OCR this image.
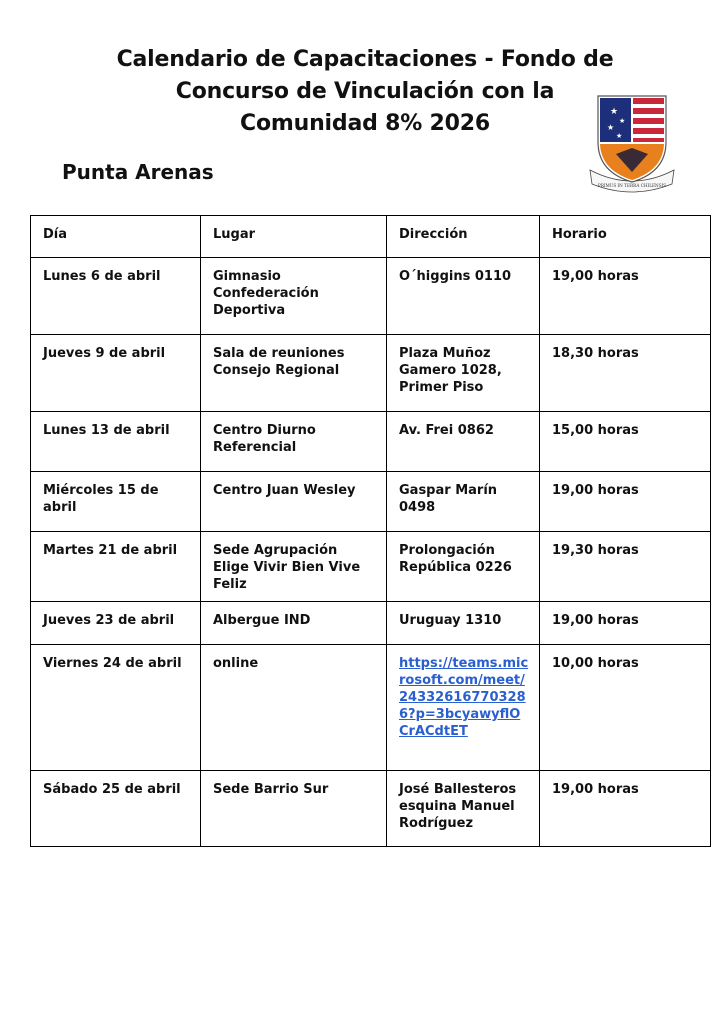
Calendario de Capacitaciones - Fondo de
Concurso de Vinculación con la
Comunidad 8% 2026
Punta Arenas
★
★
★
★
PRIMUS IN TERRA CHILENSIS
Día	Lugar	Dirección	Horario
Lunes 6 de abril	Gimnasio Confederación Deportiva	O´higgins 0110	19,00 horas
Jueves 9 de abril	Sala de reuniones Consejo Regional	Plaza Muñoz Gamero 1028, Primer Piso	18,30 horas
Lunes 13 de abril	Centro Diurno Referencial	Av. Frei 0862	15,00 horas
Miércoles 15 de abril	Centro Juan Wesley	Gaspar Marín 0498	19,00 horas
Martes 21 de abril	Sede Agrupación Elige Vivir Bien Vive Feliz	Prolongación República 0226	19,30 horas
Jueves 23 de abril	Albergue IND	Uruguay 1310	19,00 horas
Viernes 24 de abril	online	https://teams.microsoft.com/meet/243326167703286?p=3bcyawyflOCrACdtET	10,00 horas
Sábado 25 de abril	Sede Barrio Sur	José Ballesteros esquina Manuel Rodríguez	19,00 horas
